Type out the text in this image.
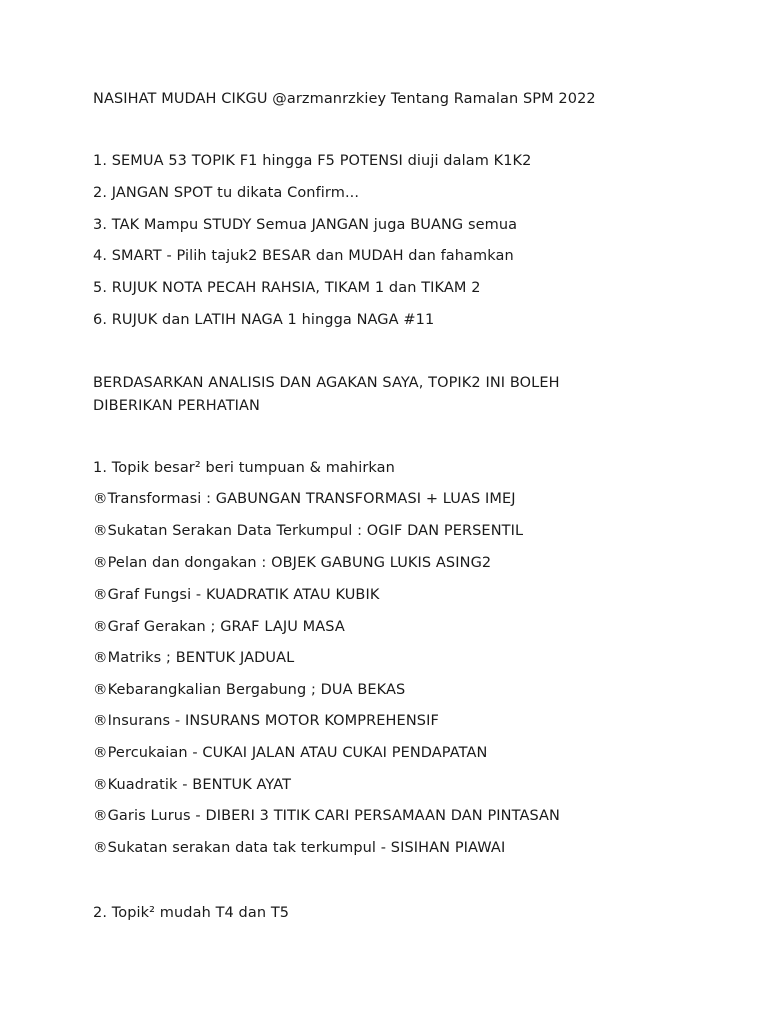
NASIHAT MUDAH CIKGU @arzmanrzkiey Tentang Ramalan SPM 2022
1. SEMUA 53 TOPIK F1 hingga F5 POTENSI diuji dalam K1K2
2. JANGAN SPOT tu dikata Confirm...
3. TAK Mampu STUDY Semua JANGAN juga BUANG semua
4. SMART - Pilih tajuk2 BESAR dan MUDAH dan fahamkan
5. RUJUK NOTA PECAH RAHSIA, TIKAM 1 dan TIKAM 2
6. RUJUK dan LATIH NAGA 1 hingga NAGA #11
BERDASARKAN ANALISIS DAN AGAKAN SAYA, TOPIK2 INI BOLEH
DIBERIKAN PERHATIAN
1. Topik besar² beri tumpuan & mahirkan
®Transformasi : GABUNGAN TRANSFORMASI + LUAS IMEJ
®Sukatan Serakan Data Terkumpul : OGIF DAN PERSENTIL
®Pelan dan dongakan : OBJEK GABUNG LUKIS ASING2
®Graf Fungsi - KUADRATIK ATAU KUBIK
®Graf Gerakan ; GRAF LAJU MASA
®Matriks ; BENTUK JADUAL
®Kebarangkalian Bergabung ; DUA BEKAS
®Insurans - INSURANS MOTOR KOMPREHENSIF
®Percukaian - CUKAI JALAN ATAU CUKAI PENDAPATAN
®Kuadratik - BENTUK AYAT
®Garis Lurus - DIBERI 3 TITIK CARI PERSAMAAN DAN PINTASAN
®Sukatan serakan data tak terkumpul - SISIHAN PIAWAI
2. Topik² mudah T4 dan T5
